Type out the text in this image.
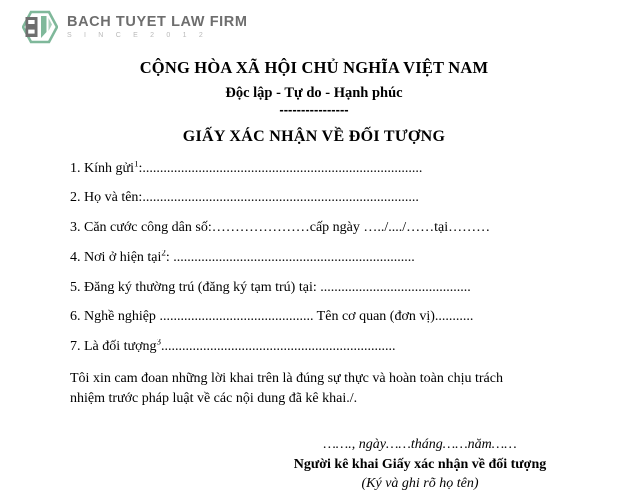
BACH TUYET LAW FIRM
S I N C E 2 0 1 2

CỘNG HÒA XÃ HỘI CHỦ NGHĨA VIỆT NAM

Độc lập - Tự do - Hạnh phúc

----------------

GIẤY XÁC NHẬN VỀ ĐỐI TƯỢNG

1. Kính gửi$^1$:................................................................................
2. Họ và tên:...............................................................................
3. Căn cước công dân số:…………………cấp ngày …../..../……tại………
4. Nơi ở hiện tại$^2$: .....................................................................
5. Đăng ký thường trú (đăng ký tạm trú) tại: ...........................................
6. Nghề nghiệp ............................................ Tên cơ quan (đơn vị)...........
7. Là đối tượng$^3$...................................................................

Tôi xin cam đoan những lời khai trên là đúng sự thực và hoàn toàn chịu trách nhiệm trước pháp luật về các nội dung đã kê khai./.

……., ngày……tháng……năm……
Người kê khai Giấy xác nhận về đối tượng
(Ký và ghi rõ họ tên)
